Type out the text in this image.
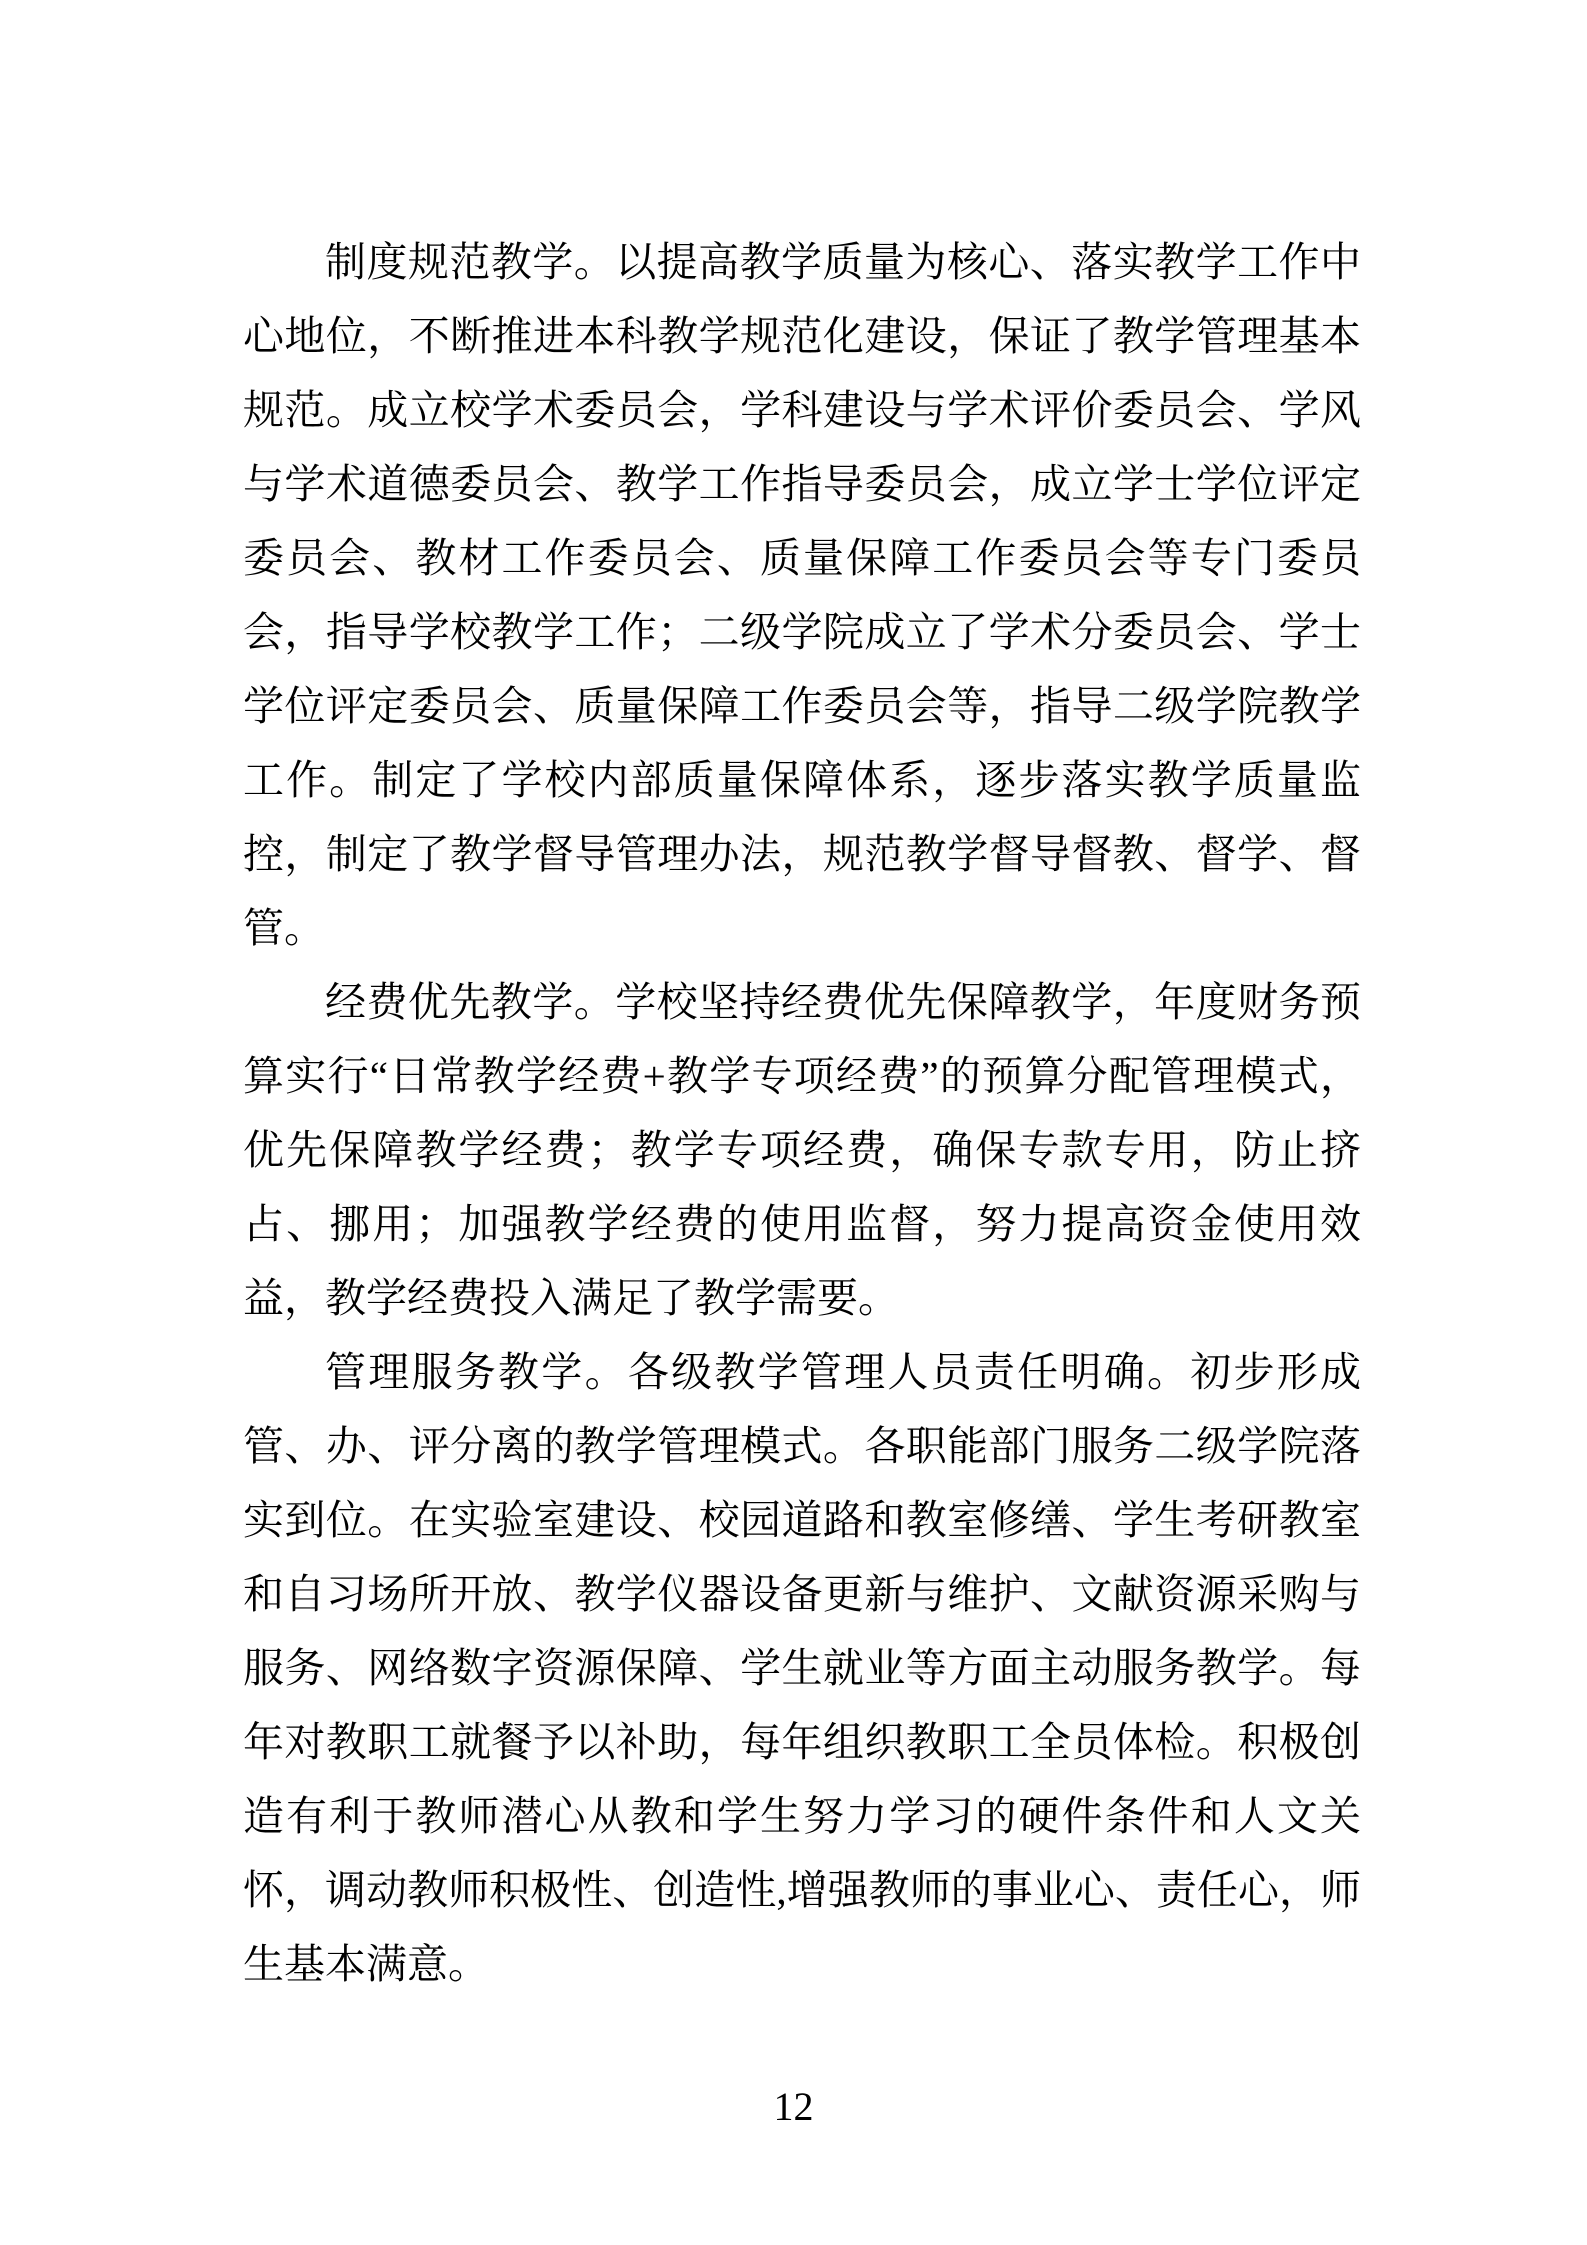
制度规范教学。以提高教学质量为核心、落实教学工作中心地位，不断推进本科教学规范化建设，保证了教学管理基本规范。成立校学术委员会，学科建设与学术评价委员会、学风与学术道德委员会、教学工作指导委员会，成立学士学位评定委员会、教材工作委员会、质量保障工作委员会等专门委员会，指导学校教学工作；二级学院成立了学术分委员会、学士学位评定委员会、质量保障工作委员会等，指导二级学院教学工作。制定了学校内部质量保障体系，逐步落实教学质量监控，制定了教学督导管理办法，规范教学督导督教、督学、督管。

经费优先教学。学校坚持经费优先保障教学，年度财务预算实行“日常教学经费+教学专项经费”的预算分配管理模式，优先保障教学经费；教学专项经费，确保专款专用，防止挤占、挪用；加强教学经费的使用监督，努力提高资金使用效益，教学经费投入满足了教学需要。

管理服务教学。各级教学管理人员责任明确。初步形成管、办、评分离的教学管理模式。各职能部门服务二级学院落实到位。在实验室建设、校园道路和教室修缮、学生考研教室和自习场所开放、教学仪器设备更新与维护、文献资源采购与服务、网络数字资源保障、学生就业等方面主动服务教学。每年对教职工就餐予以补助，每年组织教职工全员体检。积极创造有利于教师潜心从教和学生努力学习的硬件条件和人文关怀，调动教师积极性、创造性,增强教师的事业心、责任心，师生基本满意。

12
